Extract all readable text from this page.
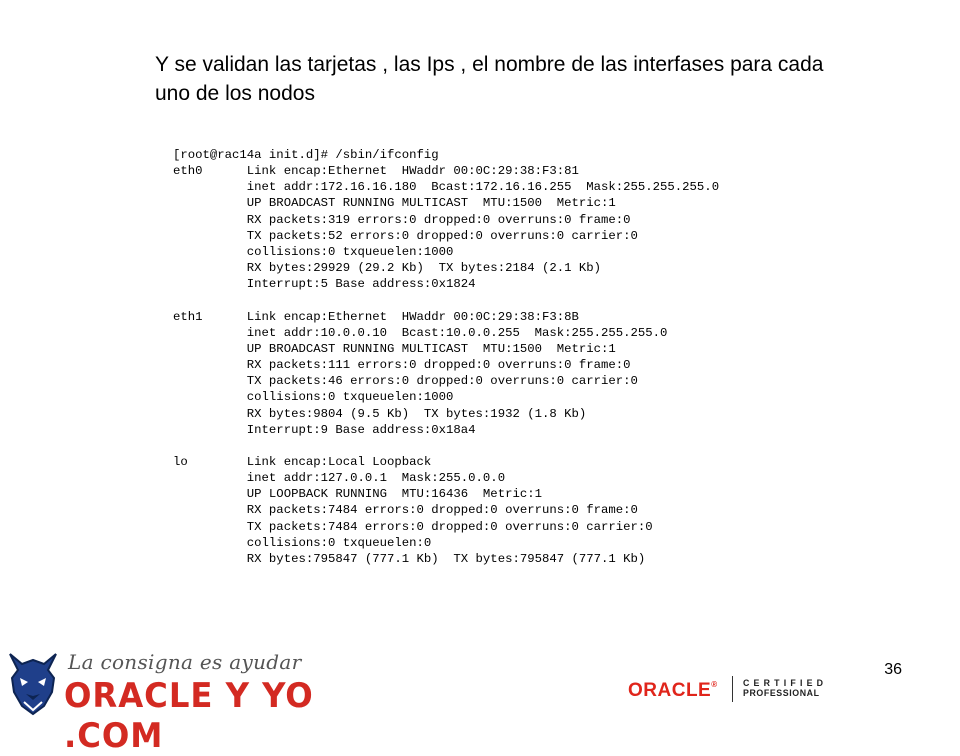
Y se validan las tarjetas , las Ips , el nombre de las interfases para cada uno de los nodos
[root@rac14a init.d]# /sbin/ifconfig
eth0      Link encap:Ethernet  HWaddr 00:0C:29:38:F3:81
inet addr:172.16.16.180  Bcast:172.16.16.255  Mask:255.255.255.0
UP BROADCAST RUNNING MULTICAST  MTU:1500  Metric:1
RX packets:319 errors:0 dropped:0 overruns:0 frame:0
TX packets:52 errors:0 dropped:0 overruns:0 carrier:0
collisions:0 txqueuelen:1000
RX bytes:29929 (29.2 Kb)  TX bytes:2184 (2.1 Kb)
Interrupt:5 Base address:0x1824

eth1      Link encap:Ethernet  HWaddr 00:0C:29:38:F3:8B
inet addr:10.0.0.10  Bcast:10.0.0.255  Mask:255.255.255.0
UP BROADCAST RUNNING MULTICAST  MTU:1500  Metric:1
RX packets:111 errors:0 dropped:0 overruns:0 frame:0
TX packets:46 errors:0 dropped:0 overruns:0 carrier:0
collisions:0 txqueuelen:1000
RX bytes:9804 (9.5 Kb)  TX bytes:1932 (1.8 Kb)
Interrupt:9 Base address:0x18a4

lo        Link encap:Local Loopback
inet addr:127.0.0.1  Mask:255.0.0.0
UP LOOPBACK RUNNING  MTU:16436  Metric:1
RX packets:7484 errors:0 dropped:0 overruns:0 frame:0
TX packets:7484 errors:0 dropped:0 overruns:0 carrier:0
collisions:0 txqueuelen:0
RX bytes:795847 (777.1 Kb)  TX bytes:795847 (777.1 Kb)
36
La consigna es ayudar
ORACLE Y YO .COM
ORACLE®	CERTIFIED
PROFESSIONAL
